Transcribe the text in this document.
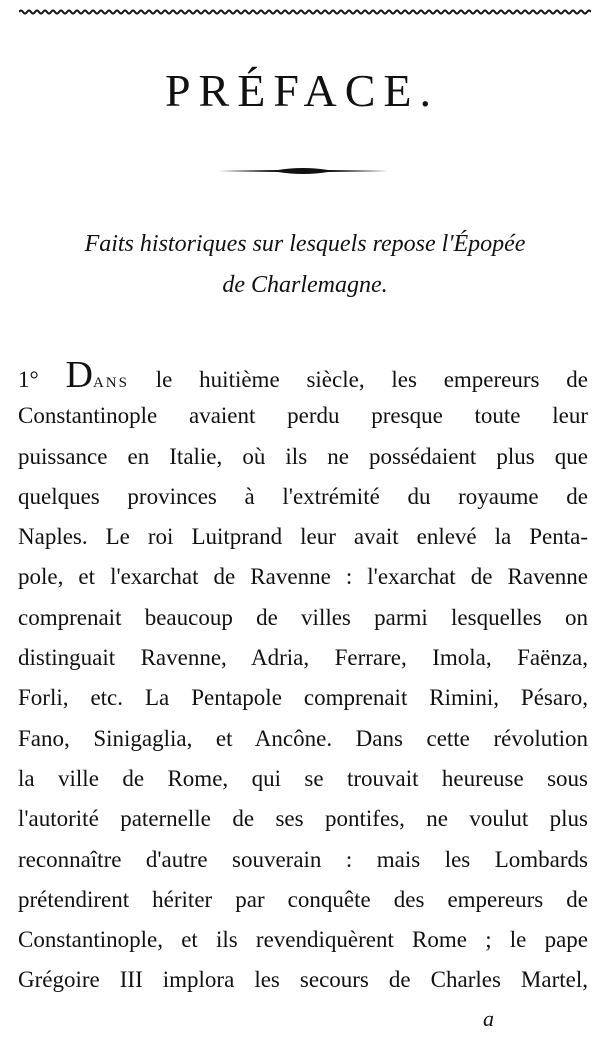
PRÉFACE.
Faits historiques sur lesquels repose l'Épopée
de Charlemagne.
1° DANS le huitième siècle, les empereurs de
Constantinople avaient perdu presque toute leur
puissance en Italie, où ils ne possédaient plus que
quelques provinces à l'extrémité du royaume de
Naples. Le roi Luitprand leur avait enlevé la Penta-
pole, et l'exarchat de Ravenne : l'exarchat de Ravenne
comprenait beaucoup de villes parmi lesquelles on
distinguait Ravenne, Adria, Ferrare, Imola, Faënza,
Forli, etc. La Pentapole comprenait Rimini, Pésaro,
Fano, Sinigaglia, et Ancône. Dans cette révolution
la ville de Rome, qui se trouvait heureuse sous
l'autorité paternelle de ses pontifes, ne voulut plus
reconnaître d'autre souverain : mais les Lombards
prétendirent hériter par conquête des empereurs de
Constantinople, et ils revendiquèrent Rome ; le pape
Grégoire III implora les secours de Charles Martel,
a
